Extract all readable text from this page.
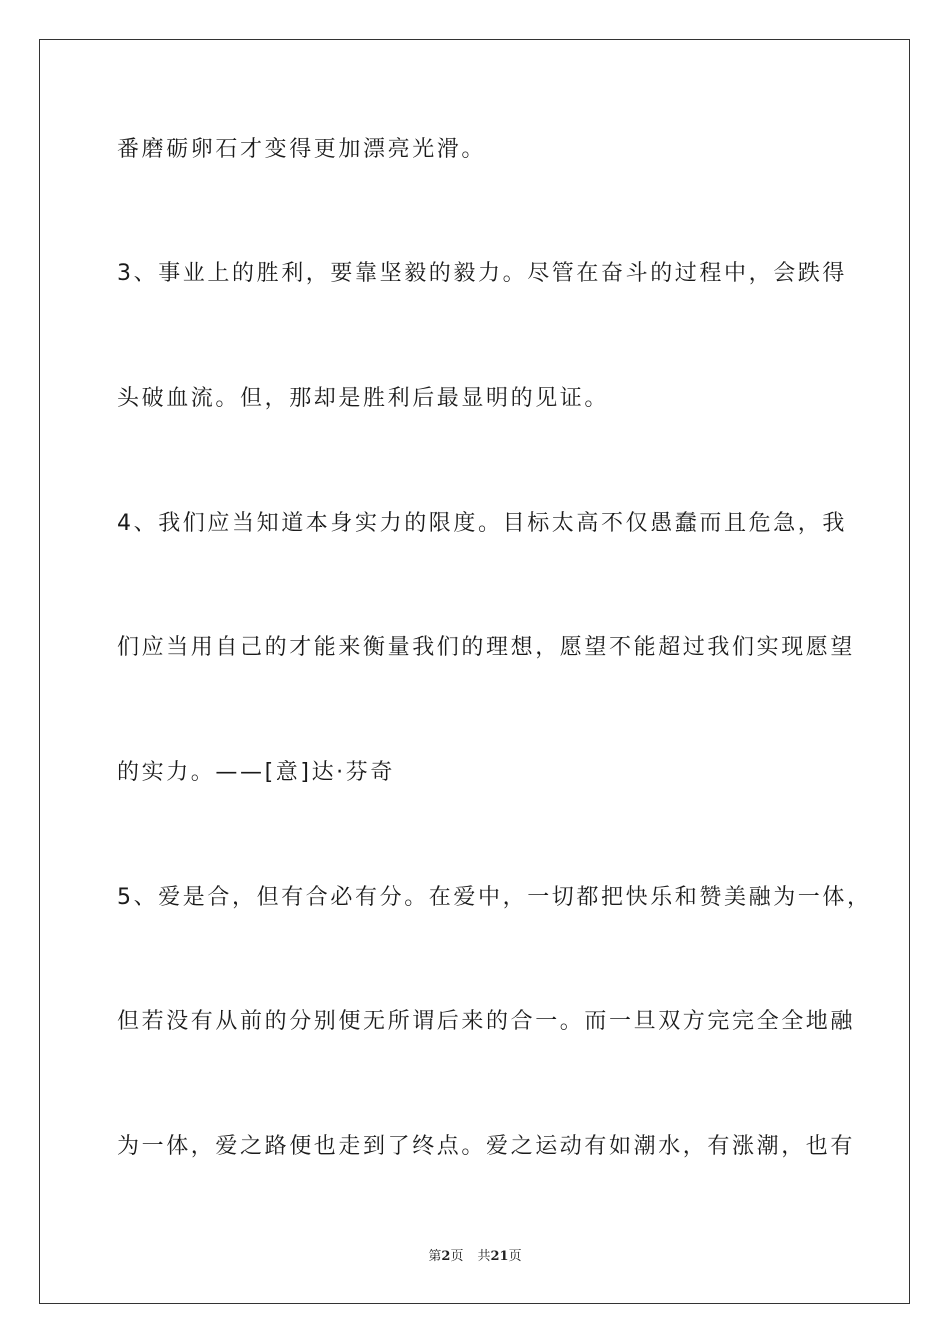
番磨砺卵石才变得更加漂亮光滑。
3、事业上的胜利，要靠坚毅的毅力。尽管在奋斗的过程中，会跌得
头破血流。但，那却是胜利后最显明的见证。
4、我们应当知道本身实力的限度。目标太高不仅愚蠢而且危急，我
们应当用自己的才能来衡量我们的理想，愿望不能超过我们实现愿望
的实力。——[意]达·芬奇
5、爱是合，但有合必有分。在爱中，一切都把快乐和赞美融为一体，
但若没有从前的分别便无所谓后来的合一。而一旦双方完完全全地融
为一体，爱之路便也走到了终点。爱之运动有如潮水，有涨潮，也有
第2页 共21页
